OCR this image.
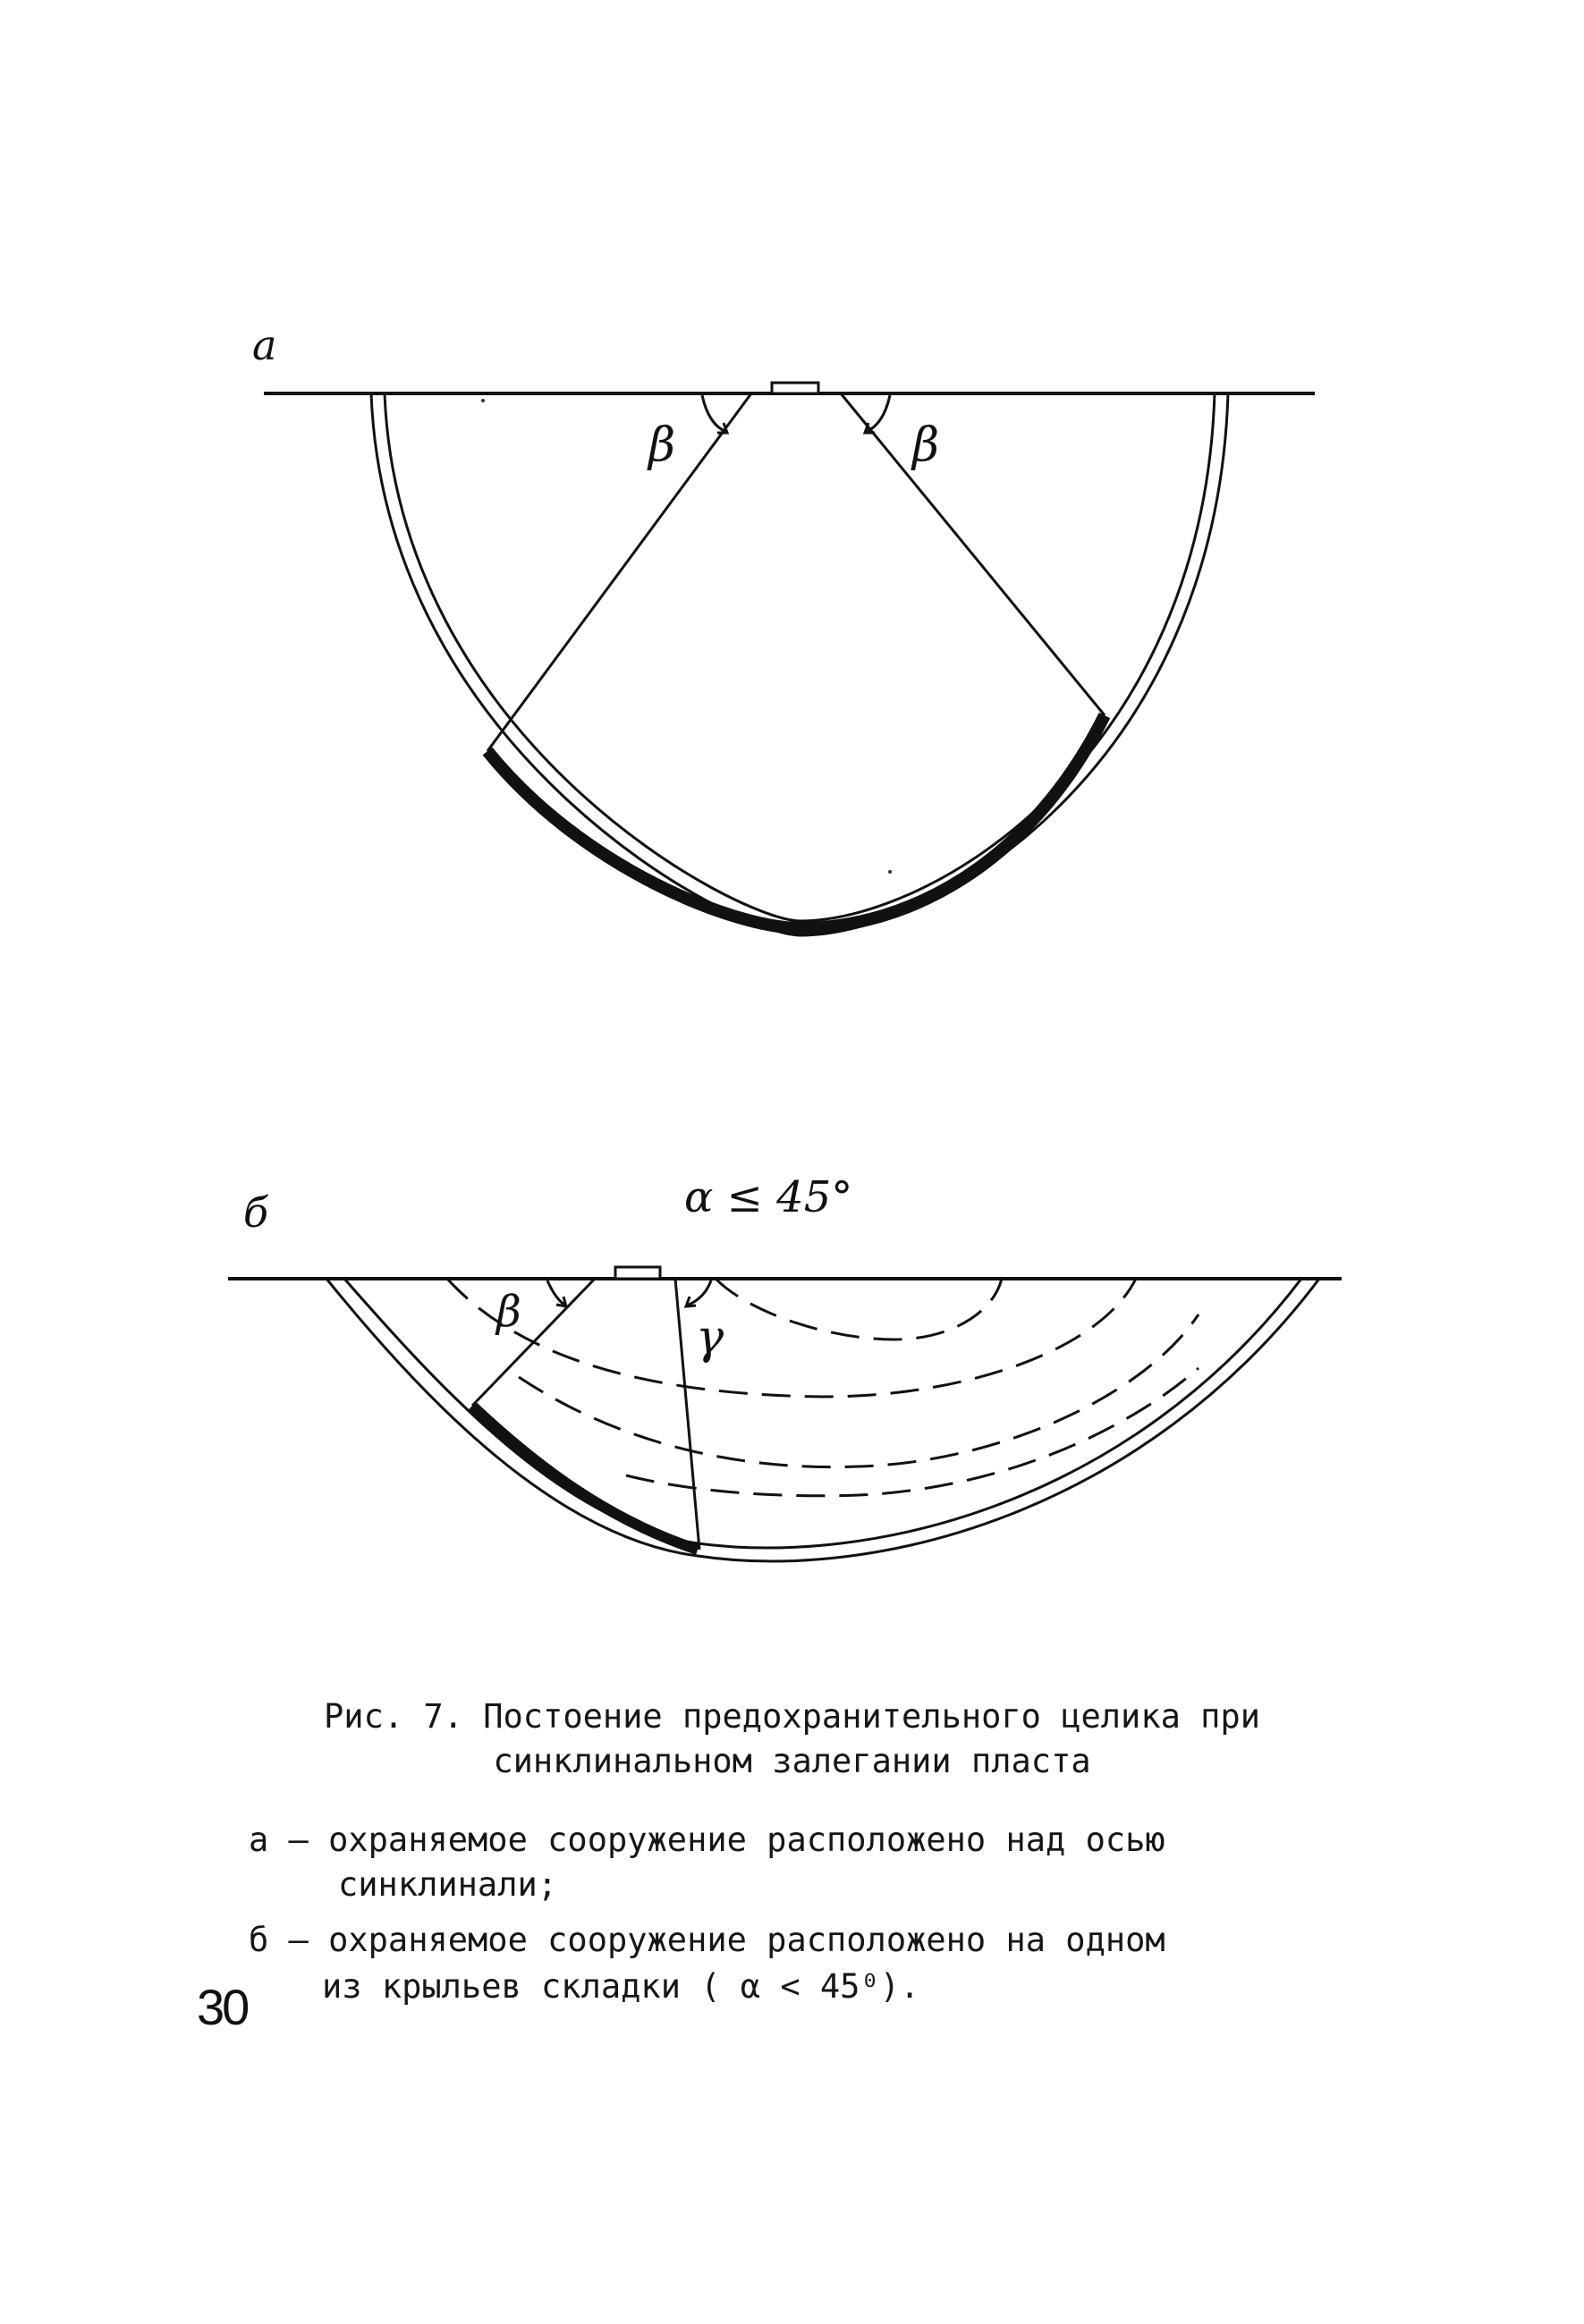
а
β	β
б	α ≤ 45°
β	γ
Рис. 7. Постоение предохранительного целика при
синклинальном залегании пласта
а – охраняемое сооружение расположено над осью
синклинали;
б – охраняемое сооружение расположено на одном
из крыльев складки ( α < 45⁰).
30
